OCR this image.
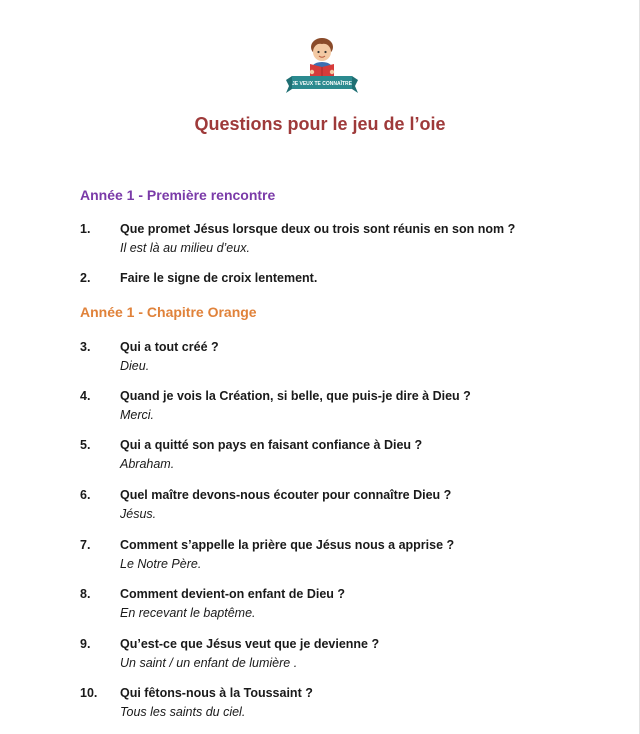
JE VEUX TE CONNAÎTRE
Questions pour le jeu de l’oie
Année 1 - Première rencontre
1. Que promet Jésus lorsque deux ou trois sont réunis en son nom ?
Il est là au milieu d’eux.
2. Faire le signe de croix lentement.
Année 1 - Chapitre Orange
3. Qui a tout créé ?
Dieu.
4. Quand je vois la Création, si belle, que puis-je dire à Dieu ?
Merci.
5. Qui a quitté son pays en faisant confiance à Dieu ?
Abraham.
6. Quel maître devons-nous écouter pour connaître Dieu ?
Jésus.
7. Comment s’appelle la prière que Jésus nous a apprise ?
Le Notre Père.
8. Comment devient-on enfant de Dieu ?
En recevant le baptême.
9. Qu’est-ce que Jésus veut que je devienne ?
Un saint / un enfant de lumière .
10. Qui fêtons-nous à la Toussaint ?
Tous les saints du ciel.
